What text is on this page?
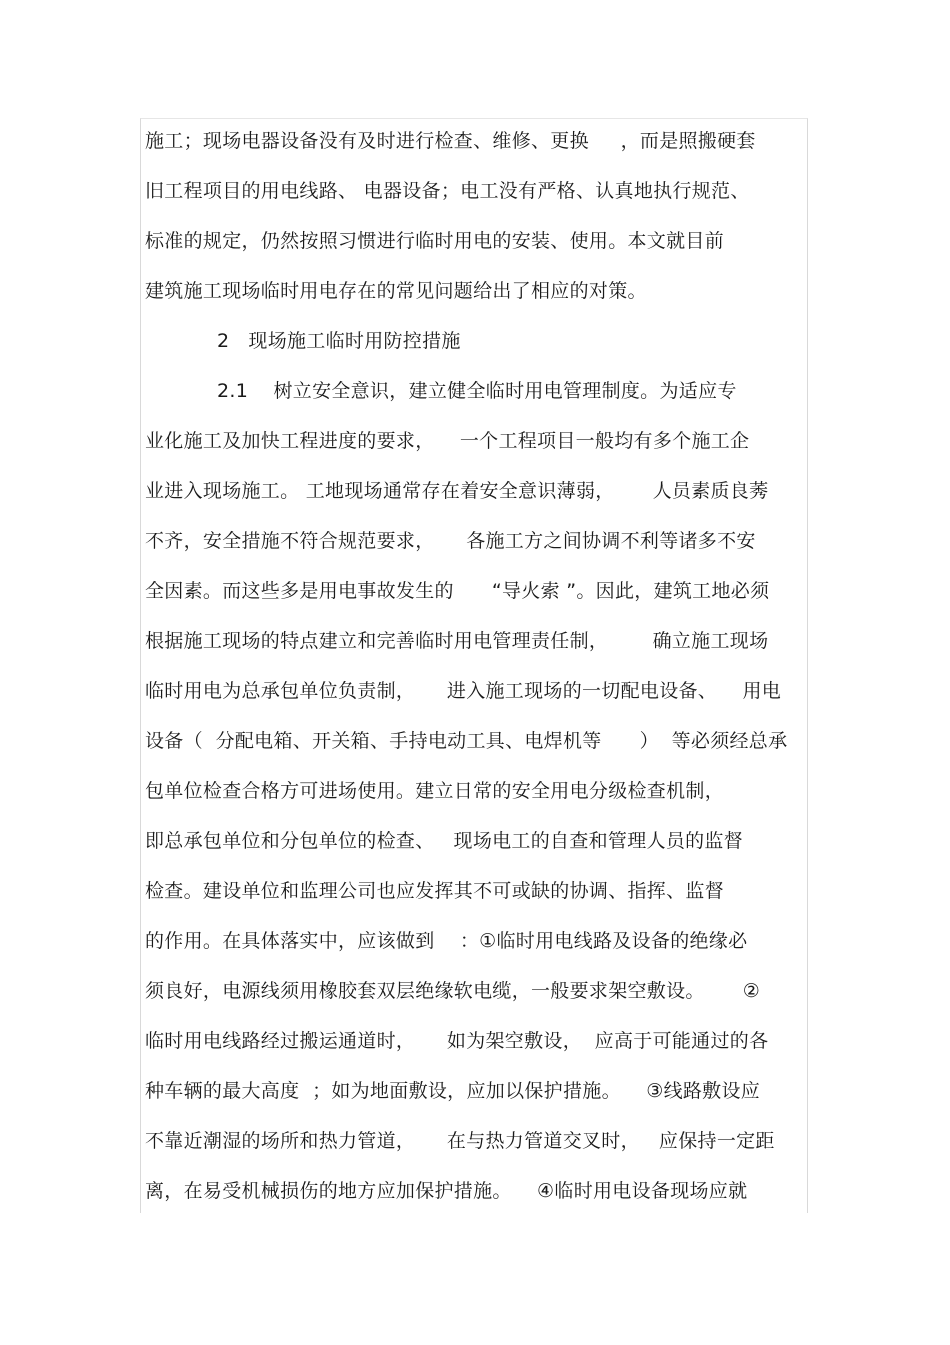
施工；现场电器设备没有及时进行检查、维修、更换     ，而是照搬硬套
旧工程项目的用电线路、 电器设备；电工没有严格、认真地执行规范、
标准的规定，仍然按照习惯进行临时用电的安装、使用。本文就目前
建筑施工现场临时用电存在的常见问题给出了相应的对策。
2   现场施工临时用防控措施
2.1    树立安全意识，建立健全临时用电管理制度。为适应专
业化施工及加快工程进度的要求，    一个工程项目一般均有多个施工企
业进入现场施工。 工地现场通常存在着安全意识薄弱，      人员素质良莠
不齐，安全措施不符合规范要求，     各施工方之间协调不利等诸多不安
全因素。而这些多是用电事故发生的      “导火索 ”。因此，建筑工地必须
根据施工现场的特点建立和完善临时用电管理责任制，       确立施工现场
临时用电为总承包单位负责制，     进入施工现场的一切配电设备、    用电
设备（  分配电箱、开关箱、手持电动工具、电焊机等      ）  等必须经总承
包单位检查合格方可进场使用。建立日常的安全用电分级检查机制，
即总承包单位和分包单位的检查、   现场电工的自查和管理人员的监督
检查。建设单位和监理公司也应发挥其不可或缺的协调、指挥、监督
的作用。在具体落实中，应该做到    ：①临时用电线路及设备的绝缘必
须良好，电源线须用橡胶套双层绝缘软电缆，一般要求架空敷设。      ②
临时用电线路经过搬运通道时，     如为架空敷设，  应高于可能通过的各
种车辆的最大高度  ；如为地面敷设，应加以保护措施。    ③线路敷设应
不靠近潮湿的场所和热力管道，     在与热力管道交叉时，   应保持一定距
离，在易受机械损伤的地方应加保护措施。    ④临时用电设备现场应就
